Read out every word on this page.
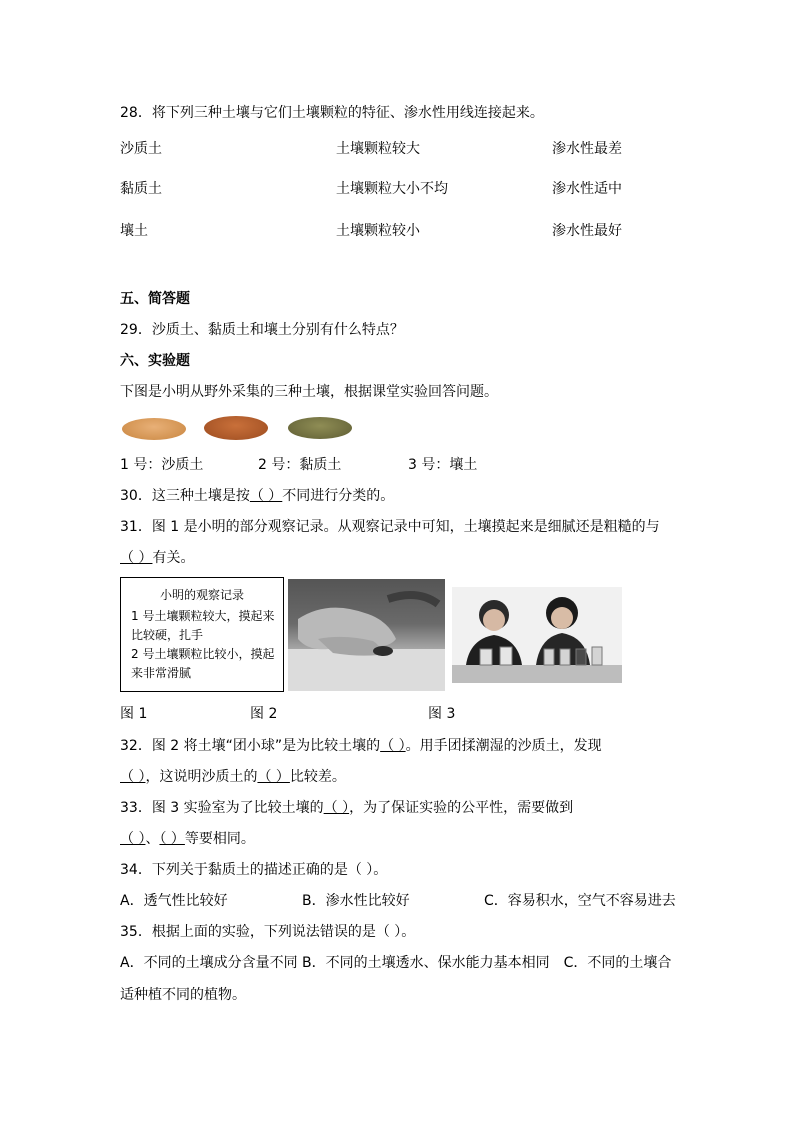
28．将下列三种土壤与它们土壤颗粒的特征、渗水性用线连接起来。
沙质土	土壤颗粒较大	渗水性最差
黏质土	土壤颗粒大小不均	渗水性适中
壤土	土壤颗粒较小	渗水性最好
五、简答题
29．沙质土、黏质土和壤土分别有什么特点？
六、实验题
下图是小明从野外采集的三种土壤，根据课堂实验回答问题。
1 号：沙质土	2 号：黏质土	3 号：壤土
30．这三种土壤是按（ ）不同进行分类的。
31．图 1 是小明的部分观察记录。从观察记录中可知，土壤摸起来是细腻还是粗糙的与
（ ）有关。
小明的观察记录
1 号土壤颗粒较大，摸起来
比较硬，扎手
2 号土壤颗粒比较小，摸起
来非常滑腻
图 1	图 2	图 3
32．图 2 将土壤“团小球”是为比较土壤的（ ）。用手团揉潮湿的沙质土，发现
（ ），这说明沙质土的（ ）比较差。
33．图 3 实验室为了比较土壤的（ ），为了保证实验的公平性，需要做到
（ ）、（ ）等要相同。
34．下列关于黏质土的描述正确的是（ ）。
A．透气性比较好	B．渗水性比较好	C．容易积水，空气不容易进去
35．根据上面的实验，下列说法错误的是（ ）。
A．不同的土壤成分含量不同 B．不同的土壤透水、保水能力基本相同　C．不同的土壤合
适种植不同的植物。
